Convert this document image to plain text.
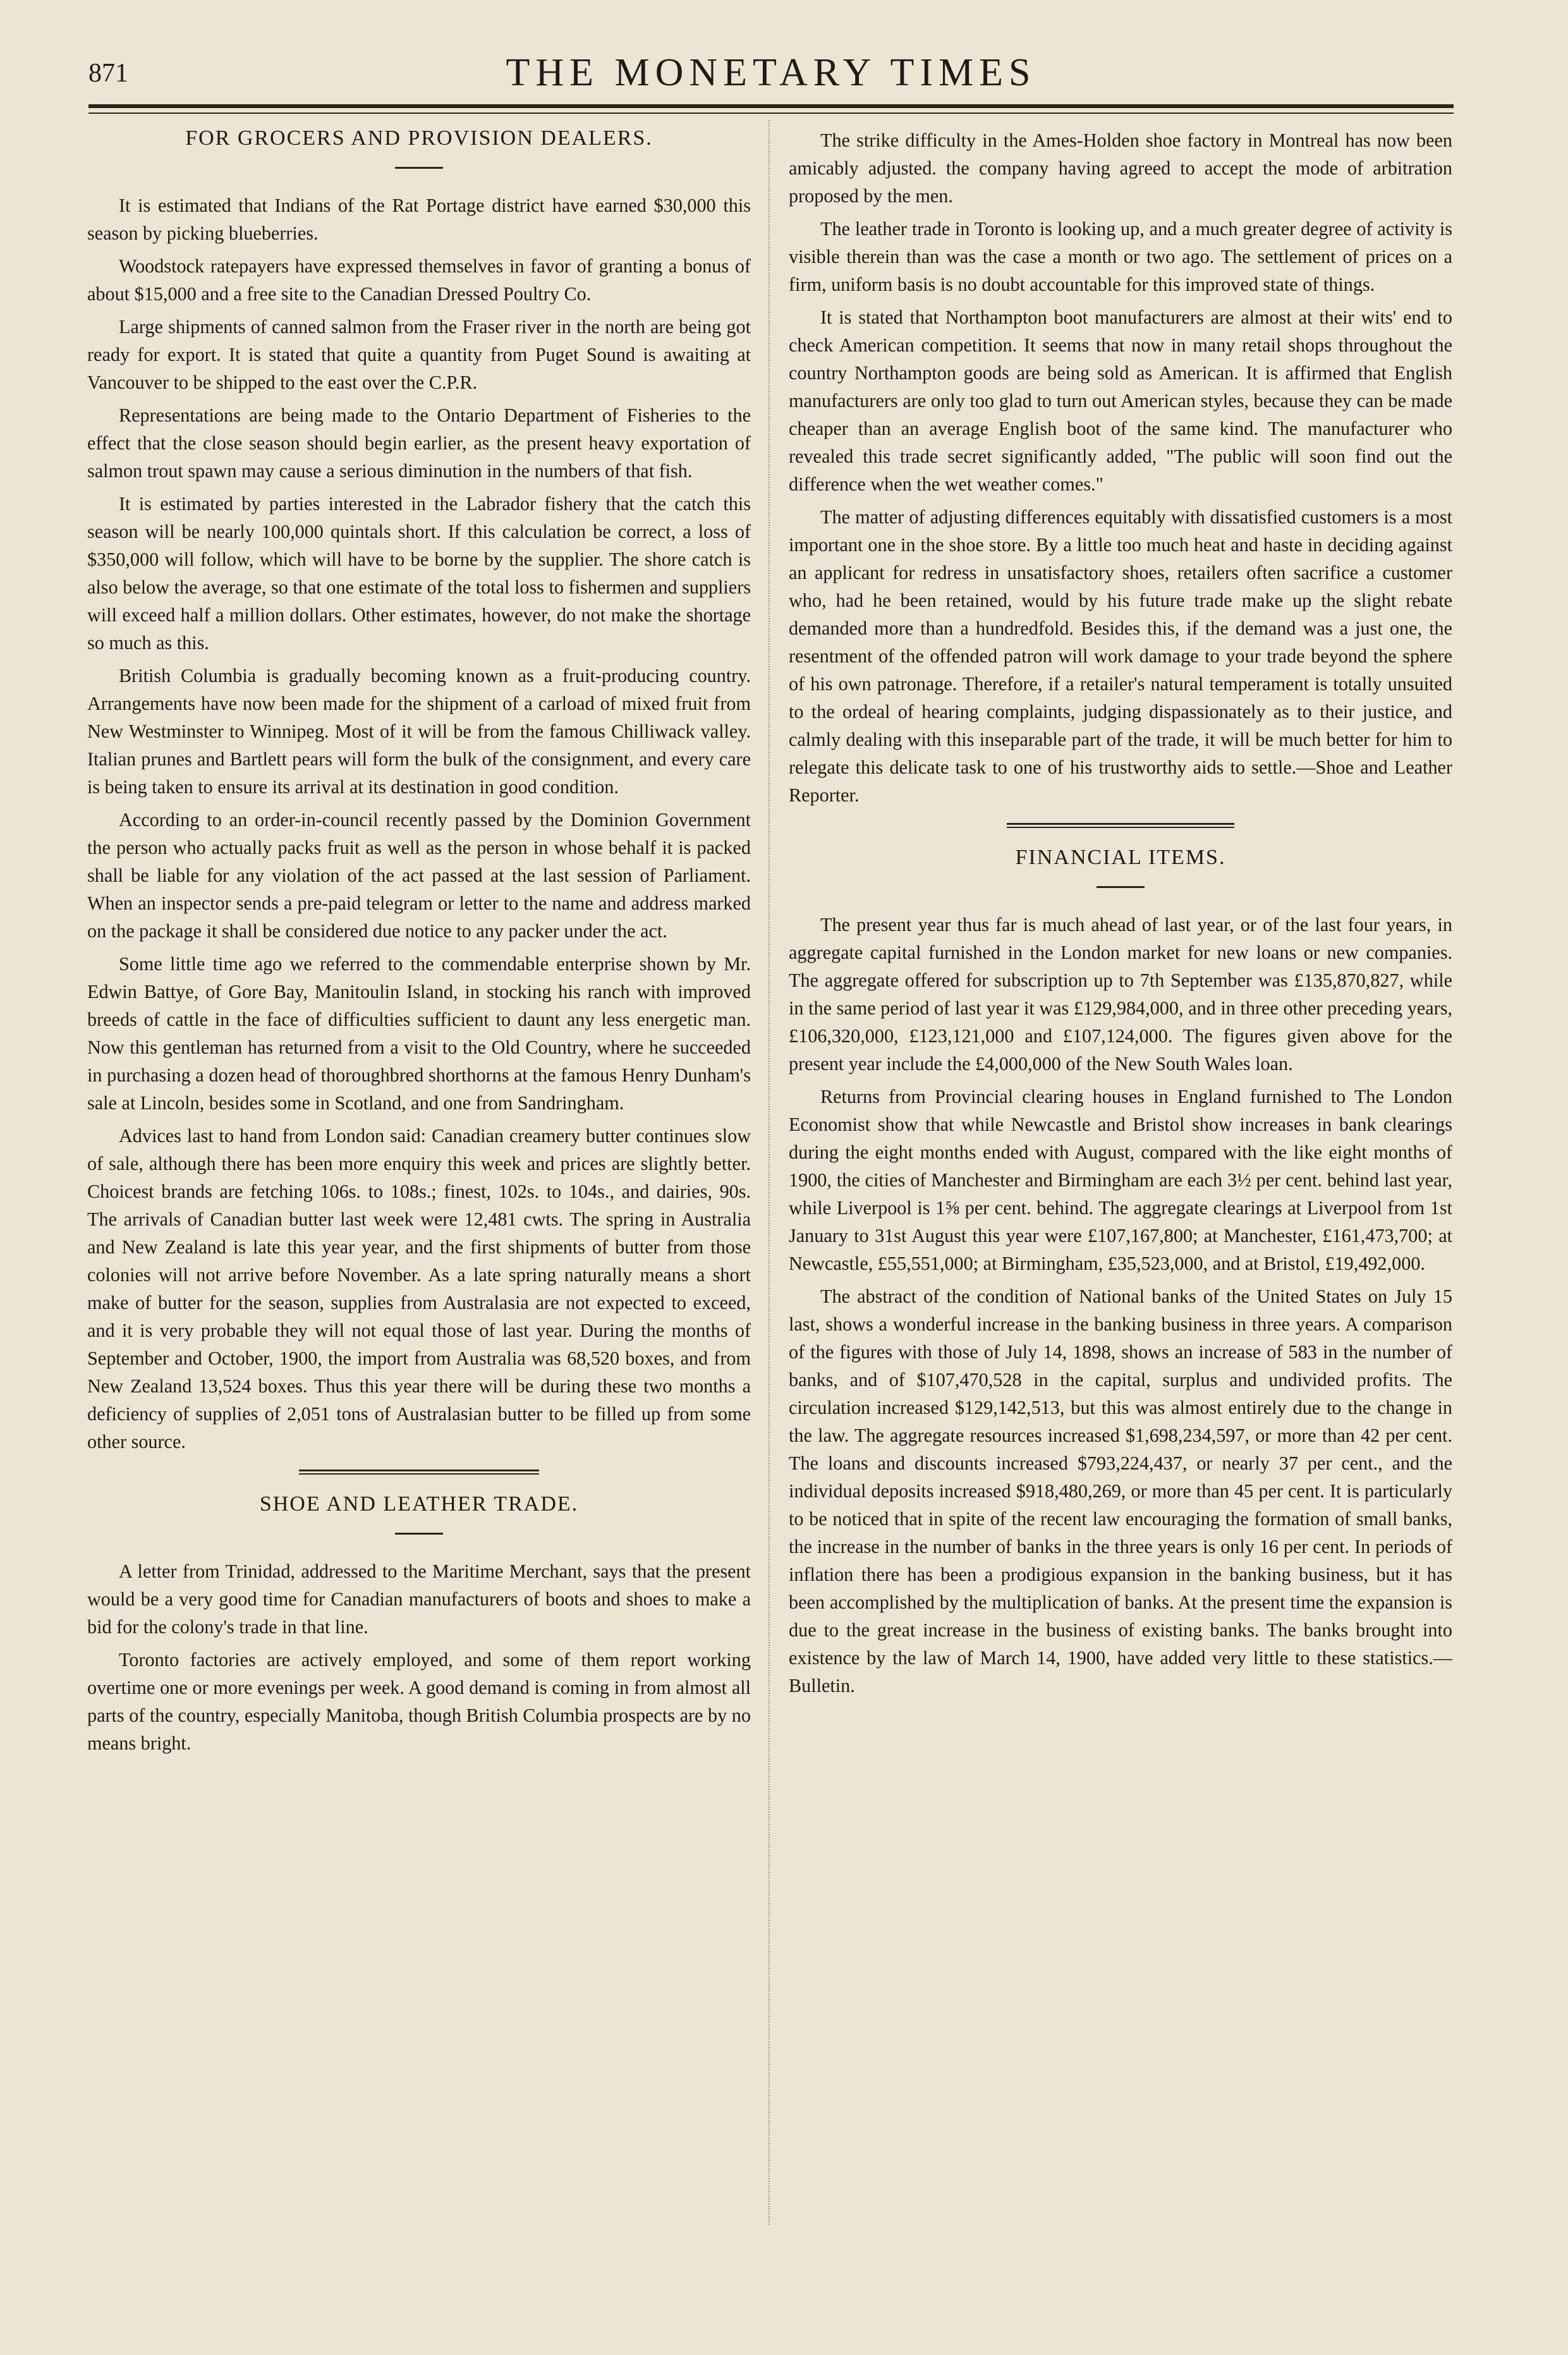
871	THE MONETARY TIMES
FOR GROCERS AND PROVISION DEALERS.

It is estimated that Indians of the Rat Portage district have earned $30,000 this season by picking blueberries.

Woodstock ratepayers have expressed themselves in favor of granting a bonus of about $15,000 and a free site to the Canadian Dressed Poultry Co.

Large shipments of canned salmon from the Fraser river in the north are being got ready for export. It is stated that quite a quantity from Puget Sound is awaiting at Vancouver to be shipped to the east over the C.P.R.

Representations are being made to the Ontario Department of Fisheries to the effect that the close season should begin earlier, as the present heavy exportation of salmon trout spawn may cause a serious diminution in the numbers of that fish.

It is estimated by parties interested in the Labrador fishery that the catch this season will be nearly 100,000 quintals short. If this calculation be correct, a loss of $350,000 will follow, which will have to be borne by the supplier. The shore catch is also below the average, so that one estimate of the total loss to fishermen and suppliers will exceed half a million dollars. Other estimates, however, do not make the shortage so much as this.

British Columbia is gradually becoming known as a fruit-producing country. Arrangements have now been made for the shipment of a carload of mixed fruit from New Westminster to Winnipeg. Most of it will be from the famous Chilliwack valley. Italian prunes and Bartlett pears will form the bulk of the consignment, and every care is being taken to ensure its arrival at its destination in good condition.

According to an order-in-council recently passed by the Dominion Government the person who actually packs fruit as well as the person in whose behalf it is packed shall be liable for any violation of the act passed at the last session of Parliament. When an inspector sends a pre-paid telegram or letter to the name and address marked on the package it shall be considered due notice to any packer under the act.

Some little time ago we referred to the commendable enterprise shown by Mr. Edwin Battye, of Gore Bay, Manitoulin Island, in stocking his ranch with improved breeds of cattle in the face of difficulties sufficient to daunt any less energetic man. Now this gentleman has returned from a visit to the Old Country, where he succeeded in purchasing a dozen head of thoroughbred shorthorns at the famous Henry Dunham's sale at Lincoln, besides some in Scotland, and one from Sandringham.

Advices last to hand from London said: Canadian creamery butter continues slow of sale, although there has been more enquiry this week and prices are slightly better. Choicest brands are fetching 106s. to 108s.; finest, 102s. to 104s., and dairies, 90s. The arrivals of Canadian butter last week were 12,481 cwts. The spring in Australia and New Zealand is late this year year, and the first shipments of butter from those colonies will not arrive before November. As a late spring naturally means a short make of butter for the season, supplies from Australasia are not expected to exceed, and it is very probable they will not equal those of last year. During the months of September and October, 1900, the import from Australia was 68,520 boxes, and from New Zealand 13,524 boxes. Thus this year there will be during these two months a deficiency of supplies of 2,051 tons of Australasian butter to be filled up from some other source.

SHOE AND LEATHER TRADE.

A letter from Trinidad, addressed to the Maritime Merchant, says that the present would be a very good time for Canadian manufacturers of boots and shoes to make a bid for the colony's trade in that line.

Toronto factories are actively employed, and some of them report working overtime one or more evenings per week. A good demand is coming in from almost all parts of the country, especially Manitoba, though British Columbia prospects are by no means bright.

The strike difficulty in the Ames-Holden shoe factory in Montreal has now been amicably adjusted. the company having agreed to accept the mode of arbitration proposed by the men.

The leather trade in Toronto is looking up, and a much greater degree of activity is visible therein than was the case a month or two ago. The settlement of prices on a firm, uniform basis is no doubt accountable for this improved state of things.

It is stated that Northampton boot manufacturers are almost at their wits' end to check American competition. It seems that now in many retail shops throughout the country Northampton goods are being sold as American. It is affirmed that English manufacturers are only too glad to turn out American styles, because they can be made cheaper than an average English boot of the same kind. The manufacturer who revealed this trade secret significantly added, "The public will soon find out the difference when the wet weather comes."

The matter of adjusting differences equitably with dissatisfied customers is a most important one in the shoe store. By a little too much heat and haste in deciding against an applicant for redress in unsatisfactory shoes, retailers often sacrifice a customer who, had he been retained, would by his future trade make up the slight rebate demanded more than a hundredfold. Besides this, if the demand was a just one, the resentment of the offended patron will work damage to your trade beyond the sphere of his own patronage. Therefore, if a retailer's natural temperament is totally unsuited to the ordeal of hearing complaints, judging dispassionately as to their justice, and calmly dealing with this inseparable part of the trade, it will be much better for him to relegate this delicate task to one of his trustworthy aids to settle.—Shoe and Leather Reporter.

FINANCIAL ITEMS.

The present year thus far is much ahead of last year, or of the last four years, in aggregate capital furnished in the London market for new loans or new companies. The aggregate offered for subscription up to 7th September was £135,870,827, while in the same period of last year it was £129,984,000, and in three other preceding years, £106,320,000, £123,121,000 and £107,124,000. The figures given above for the present year include the £4,000,000 of the New South Wales loan.

Returns from Provincial clearing houses in England furnished to The London Economist show that while Newcastle and Bristol show increases in bank clearings during the eight months ended with August, compared with the like eight months of 1900, the cities of Manchester and Birmingham are each 3½ per cent. behind last year, while Liverpool is 1⅝ per cent. behind. The aggregate clearings at Liverpool from 1st January to 31st August this year were £107,167,800; at Manchester, £161,473,700; at Newcastle, £55,551,000; at Birmingham, £35,523,000, and at Bristol, £19,492,000.

The abstract of the condition of National banks of the United States on July 15 last, shows a wonderful increase in the banking business in three years. A comparison of the figures with those of July 14, 1898, shows an increase of 583 in the number of banks, and of $107,470,528 in the capital, surplus and undivided profits. The circulation increased $129,142,513, but this was almost entirely due to the change in the law. The aggregate resources increased $1,698,234,597, or more than 42 per cent. The loans and discounts increased $793,224,437, or nearly 37 per cent., and the individual deposits increased $918,480,269, or more than 45 per cent. It is particularly to be noticed that in spite of the recent law encouraging the formation of small banks, the increase in the number of banks in the three years is only 16 per cent. In periods of inflation there has been a prodigious expansion in the banking business, but it has been accomplished by the multiplication of banks. At the present time the expansion is due to the great increase in the business of existing banks. The banks brought into existence by the law of March 14, 1900, have added very little to these statistics.—Bulletin.
